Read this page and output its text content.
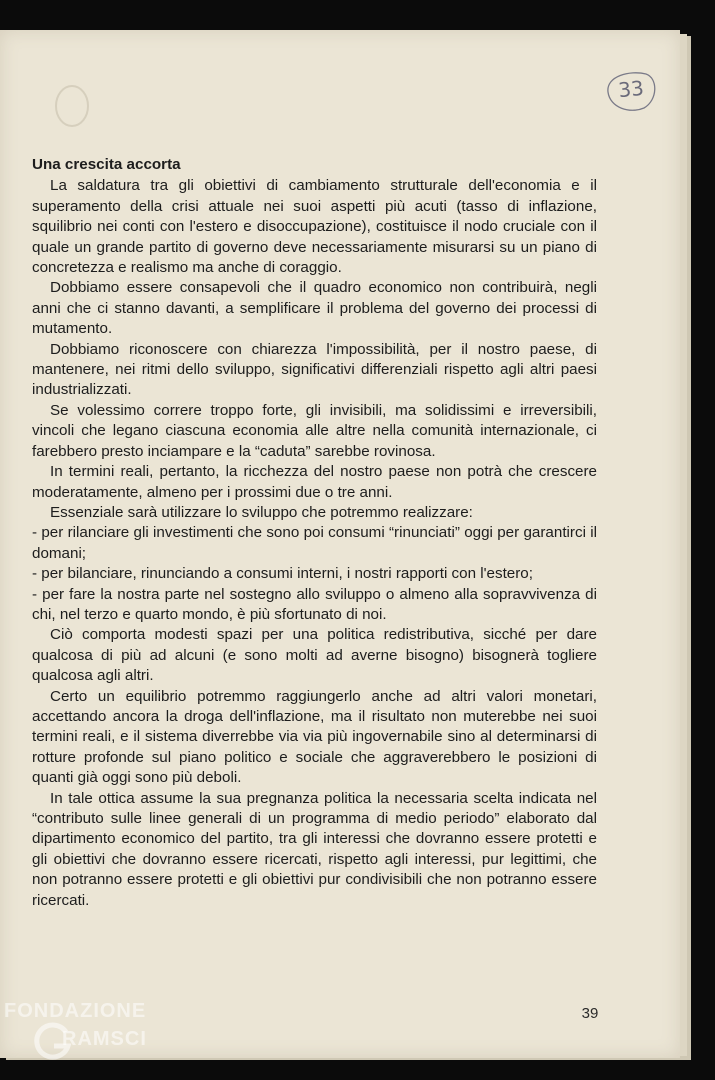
33

Una crescita accorta

La saldatura tra gli obiettivi di cambiamento strutturale dell'economia e il superamento della crisi attuale nei suoi aspetti più acuti (tasso di inflazione, squilibrio nei conti con l'estero e disoccupazione), costituisce il nodo cruciale con il quale un grande partito di governo deve necessariamente misurarsi su un piano di concretezza e realismo ma anche di coraggio.

Dobbiamo essere consapevoli che il quadro economico non contribuirà, negli anni che ci stanno davanti, a semplificare il problema del governo dei processi di mutamento.

Dobbiamo riconoscere con chiarezza l'impossibilità, per il nostro paese, di mantenere, nei ritmi dello sviluppo, significativi differenziali rispetto agli altri paesi industrializzati.

Se volessimo correre troppo forte, gli invisibili, ma solidissimi e irreversibili, vincoli che legano ciascuna economia alle altre nella comunità internazionale, ci farebbero presto inciampare e la “caduta” sarebbe rovinosa.

In termini reali, pertanto, la ricchezza del nostro paese non potrà che crescere moderatamente, almeno per i prossimi due o tre anni.

Essenziale sarà utilizzare lo sviluppo che potremmo realizzare:

- per rilanciare gli investimenti che sono poi consumi “rinunciati” oggi per garantirci il domani;

- per bilanciare, rinunciando a consumi interni, i nostri rapporti con l'estero;

- per fare la nostra parte nel sostegno allo sviluppo o almeno alla sopravvivenza di chi, nel terzo e quarto mondo, è più sfortunato di noi.

Ciò comporta modesti spazi per una politica redistributiva, sicché per dare qualcosa di più ad alcuni (e sono molti ad averne bisogno) bisognerà togliere qualcosa agli altri.

Certo un equilibrio potremmo raggiungerlo anche ad altri valori monetari, accettando ancora la droga dell'inflazione, ma il risultato non muterebbe nei suoi termini reali, e il sistema diverrebbe via via più ingovernabile sino al determinarsi di rotture profonde sul piano politico e sociale che aggraverebbero le posizioni di quanti già oggi sono più deboli.

In tale ottica assume la sua pregnanza politica la necessaria scelta indicata nel “contributo sulle linee generali di un programma di medio periodo” elaborato dal dipartimento economico del partito, tra gli interessi che dovranno essere protetti e gli obiettivi che dovranno essere ricercati, rispetto agli interessi, pur legittimi, che non potranno essere protetti e gli obiettivi pur condivisibili che non potranno essere ricercati.

39
FONDAZIONE
RAMSCI
